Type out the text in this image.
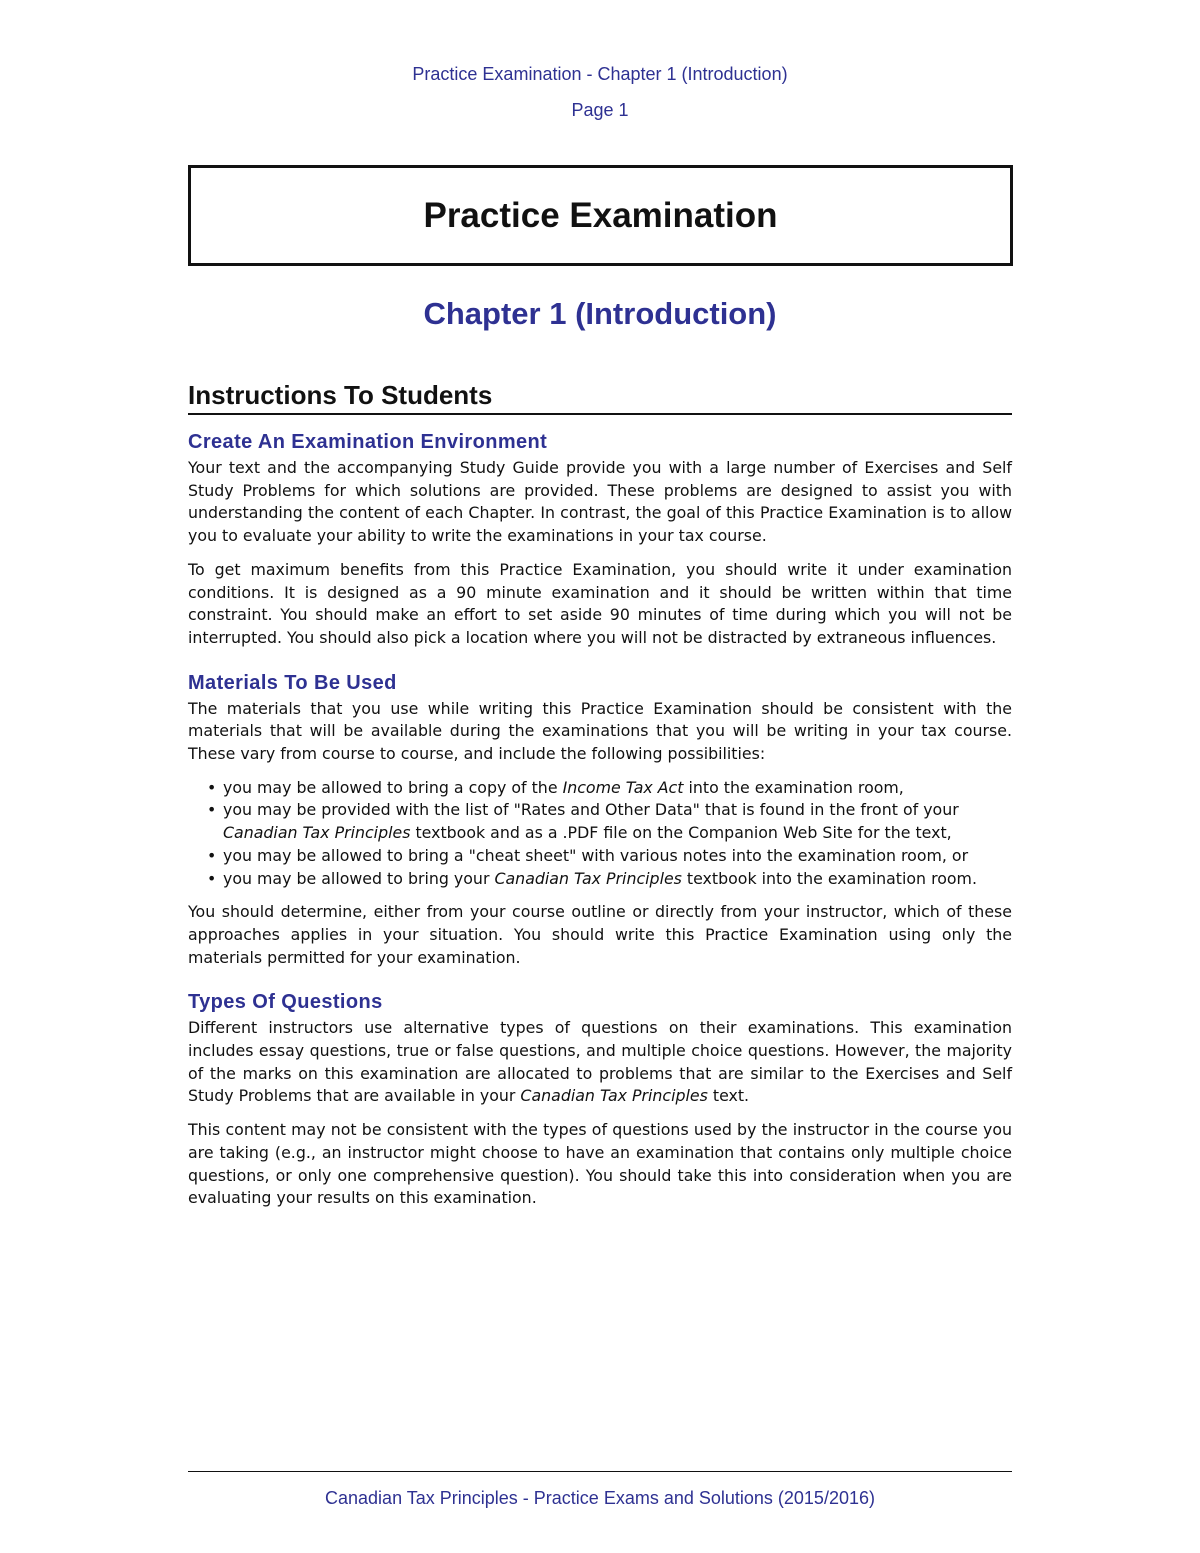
Practice Examination - Chapter 1 (Introduction)
Page 1
Practice Examination
Chapter 1 (Introduction)
Instructions To Students
Create An Examination Environment

Your text and the accompanying Study Guide provide you with a large number of Exercises and Self Study Problems for which solutions are provided. These problems are designed to assist you with understanding the content of each Chapter. In contrast, the goal of this Practice Examination is to allow you to evaluate your ability to write the examinations in your tax course.

To get maximum benefits from this Practice Examination, you should write it under examination conditions. It is designed as a 90 minute examination and it should be written within that time constraint. You should make an effort to set aside 90 minutes of time during which you will not be interrupted. You should also pick a location where you will not be distracted by extraneous influences.

Materials To Be Used

The materials that you use while writing this Practice Examination should be consistent with the materials that will be available during the examinations that you will be writing in your tax course. These vary from course to course, and include the following possibilities:

• you may be allowed to bring a copy of the Income Tax Act into the examination room,
• you may be provided with the list of "Rates and Other Data" that is found in the front of your Canadian Tax Principles textbook and as a .PDF file on the Companion Web Site for the text,
• you may be allowed to bring a "cheat sheet" with various notes into the examination room, or
• you may be allowed to bring your Canadian Tax Principles textbook into the examination room.

You should determine, either from your course outline or directly from your instructor, which of these approaches applies in your situation. You should write this Practice Examination using only the materials permitted for your examination.

Types Of Questions

Different instructors use alternative types of questions on their examinations. This examination includes essay questions, true or false questions, and multiple choice questions. However, the majority of the marks on this examination are allocated to problems that are similar to the Exercises and Self Study Problems that are available in your Canadian Tax Principles text.

This content may not be consistent with the types of questions used by the instructor in the course you are taking (e.g., an instructor might choose to have an examination that contains only multiple choice questions, or only one comprehensive question). You should take this into consideration when you are evaluating your results on this examination.

Canadian Tax Principles - Practice Exams and Solutions (2015/2016)
